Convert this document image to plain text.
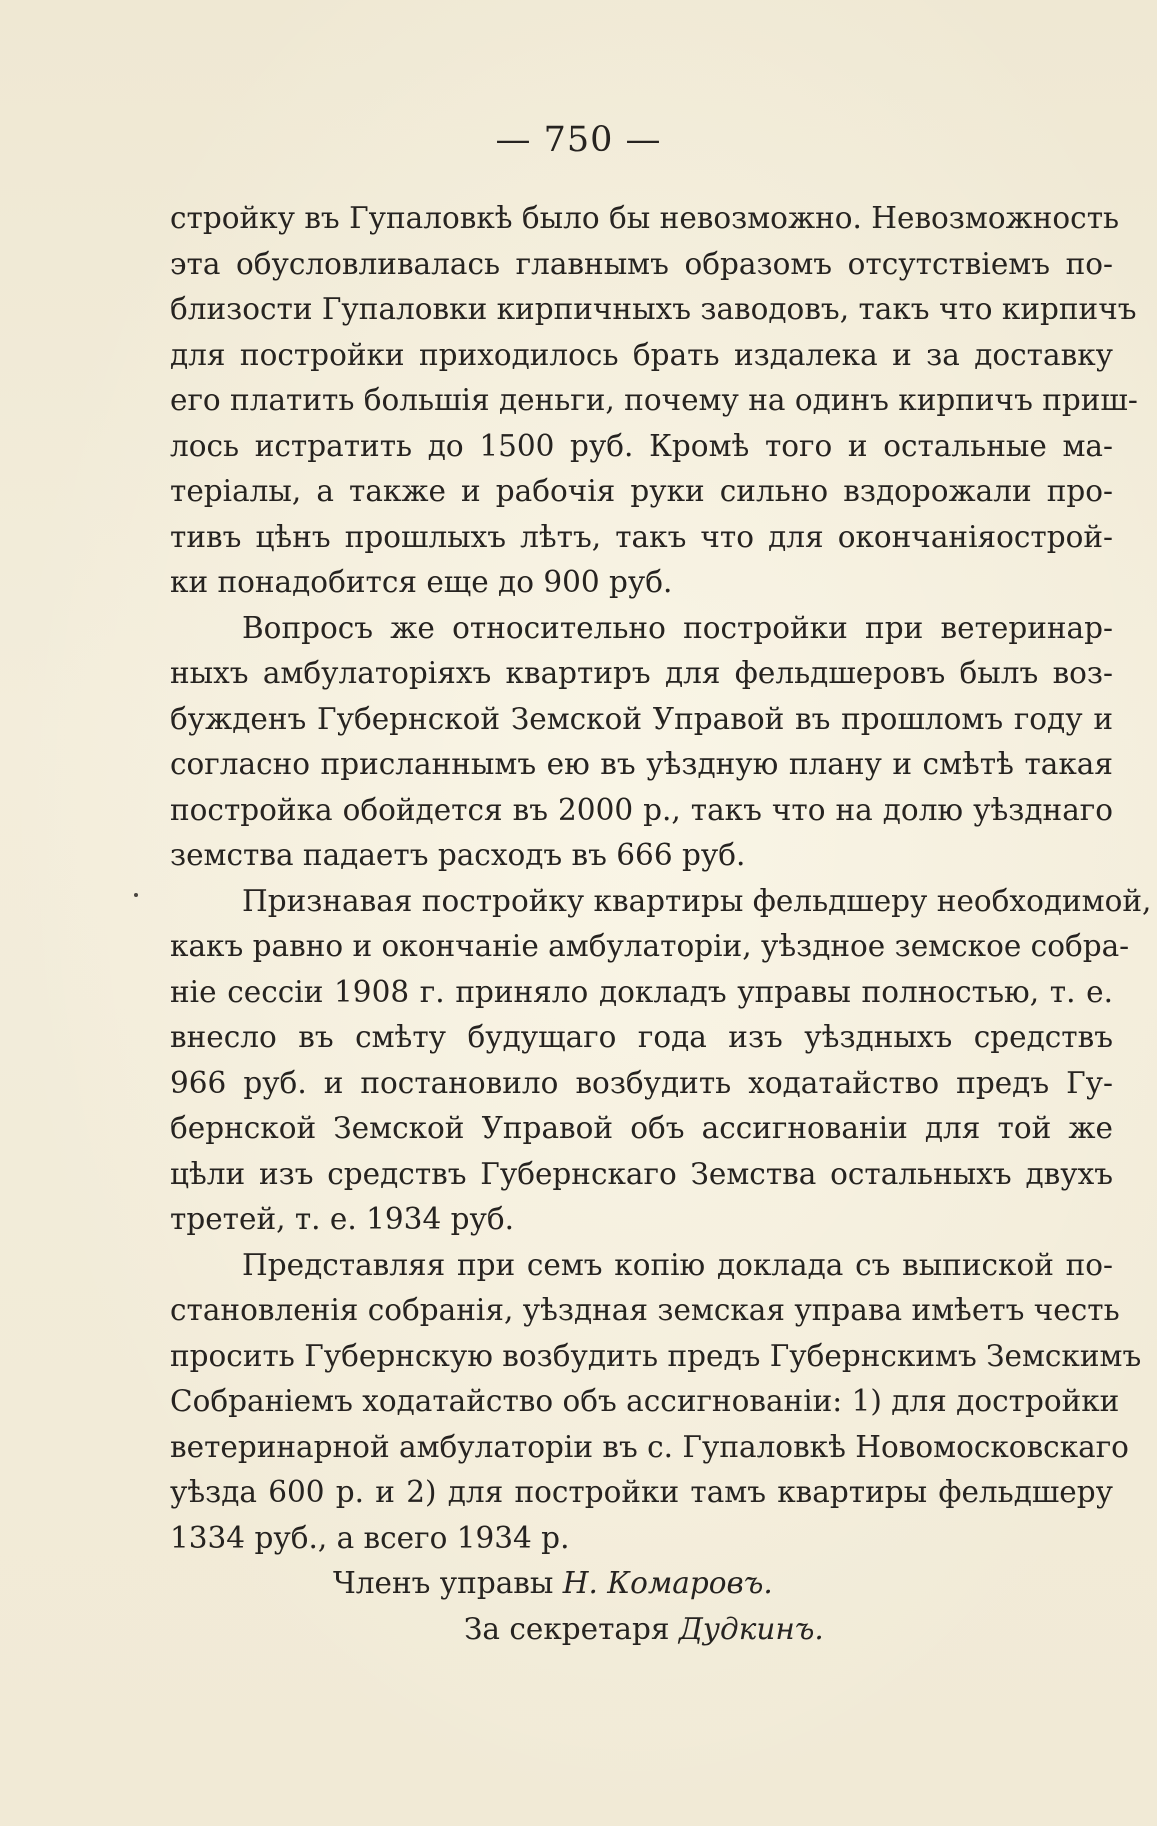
— 750 —

стройку въ Гупаловкѣ было бы невозможно. Невозможность
эта обусловливалась главнымъ образомъ отсутствіемъ по-
близости Гупаловки кирпичныхъ заводовъ, такъ что кирпичъ
для постройки приходилось брать издалека и за доставку
его платить большія деньги, почему на одинъ кирпичъ приш-
лось истратить до 1500 руб. Кромѣ того и остальные ма-
теріалы, а также и рабочія руки сильно вздорожали про-
тивъ цѣнъ прошлыхъ лѣтъ, такъ что для окончаніяострой-
ки понадобится еще до 900 руб.

Вопросъ же относительно постройки при ветеринар-
ныхъ амбулаторіяхъ квартиръ для фельдшеровъ былъ воз-
бужденъ Губернской Земской Управой въ прошломъ году и
согласно присланнымъ ею въ уѣздную плану и смѣтѣ такая
постройка обойдется въ 2000 р., такъ что на долю уѣзднаго
земства падаетъ расходъ въ 666 руб.

Признавая постройку квартиры фельдшеру необходимой,
какъ равно и окончаніе амбулаторіи, уѣздное земское собра-
ніе сессіи 1908 г. приняло докладъ управы полностью, т. е.
внесло въ смѣту будущаго года изъ уѣздныхъ средствъ
966 руб. и постановило возбудить ходатайство предъ Гу-
бернской Земской Управой объ ассигнованіи для той же
цѣли изъ средствъ Губернскаго Земства остальныхъ двухъ
третей, т. е. 1934 руб.

Представляя при семъ копію доклада съ выпиской по-
становленія собранія, уѣздная земская управа имѣетъ честь
просить Губернскую возбудить предъ Губернскимъ Земскимъ
Собраніемъ ходатайство объ ассигнованіи: 1) для достройки
ветеринарной амбулаторіи въ с. Гупаловкѣ Новомосковскаго
уѣзда 600 р. и 2) для постройки тамъ квартиры фельдшеру
1334 руб., а всего 1934 р.

Членъ управы Н. Комаровъ.

За секретаря Дудкинъ.
